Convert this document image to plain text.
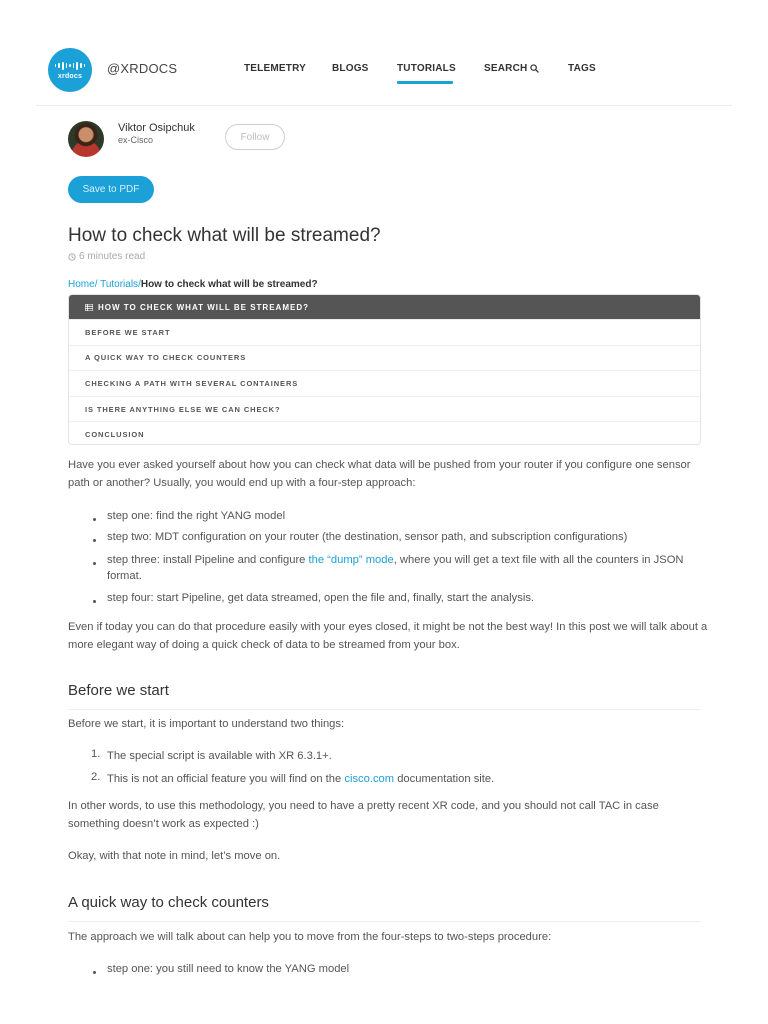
xrdocs @XRDOCS	TELEMETRY	BLOGS	TUTORIALS	SEARCH	TAGS
Viktor Osipchuk
ex-Cisco	Follow
Save to PDF
How to check what will be streamed?
6 minutes read
Home/ Tutorials/How to check what will be streamed?
HOW TO CHECK WHAT WILL BE STREAMED?
BEFORE WE START
A QUICK WAY TO CHECK COUNTERS
CHECKING A PATH WITH SEVERAL CONTAINERS
IS THERE ANYTHING ELSE WE CAN CHECK?
CONCLUSION

Have you ever asked yourself about how you can check what data will be pushed from your router if you configure one sensor path or another? Usually, you would end up with a four-step approach:

step one: find the right YANG model
step two: MDT configuration on your router (the destination, sensor path, and subscription configurations)
step three: install Pipeline and configure the “dump” mode, where you will get a text file with all the counters in JSON format.
step four: start Pipeline, get data streamed, open the file and, finally, start the analysis.

Even if today you can do that procedure easily with your eyes closed, it might be not the best way! In this post we will talk about a more elegant way of doing a quick check of data to be streamed from your box.

Before we start

Before we start, it is important to understand two things:

1. The special script is available with XR 6.3.1+.
2. This is not an official feature you will find on the cisco.com documentation site.

In other words, to use this methodology, you need to have a pretty recent XR code, and you should not call TAC in case something doesn’t work as expected :)

Okay, with that note in mind, let’s move on.

A quick way to check counters

The approach we will talk about can help you to move from the four-steps to two-steps procedure:

step one: you still need to know the YANG model
